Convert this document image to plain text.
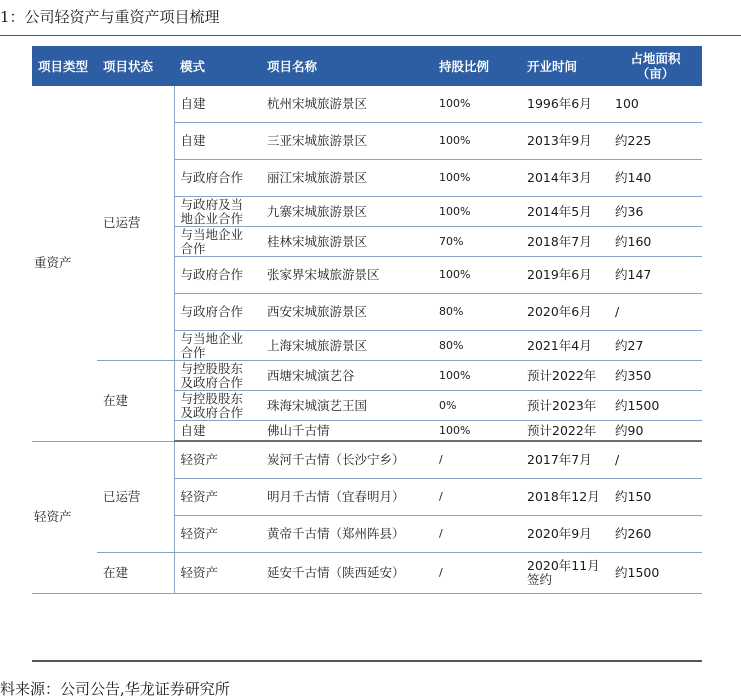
1：公司轻资产与重资产项目梳理
项目类型	项目状态	模式	项目名称	持股比例	开业时间	占地面积
（亩）

重资产	已运营	自建	杭州宋城旅游景区	100%	1996年6月	100
		自建	三亚宋城旅游景区	100%	2013年9月	约225
		与政府合作	丽江宋城旅游景区	100%	2014年3月	约140
		与政府及当地企业合作	九寨宋城旅游景区	100%	2014年5月	约36
		与当地企业合作	桂林宋城旅游景区	70%	2018年7月	约160
		与政府合作	张家界宋城旅游景区	100%	2019年6月	约147
		与政府合作	西安宋城旅游景区	80%	2020年6月	/
		与当地企业合作	上海宋城旅游景区	80%	2021年4月	约27
	在建	与控股股东及政府合作	西塘宋城演艺谷	100%	预计2022年	约350
		与控股股东及政府合作	珠海宋城演艺王国	0%	预计2023年	约1500
		自建	佛山千古情	100%	预计2022年	约90
轻资产	已运营	轻资产	炭河千古情（长沙宁乡）	/	2017年7月	/
		轻资产	明月千古情（宜春明月）	/	2018年12月	约150
		轻资产	黄帝千古情（郑州阵县）	/	2020年9月	约260
	在建	轻资产	延安千古情（陕西延安）	/	2020年11月签约	约1500
料来源：公司公告,华龙证券研究所
